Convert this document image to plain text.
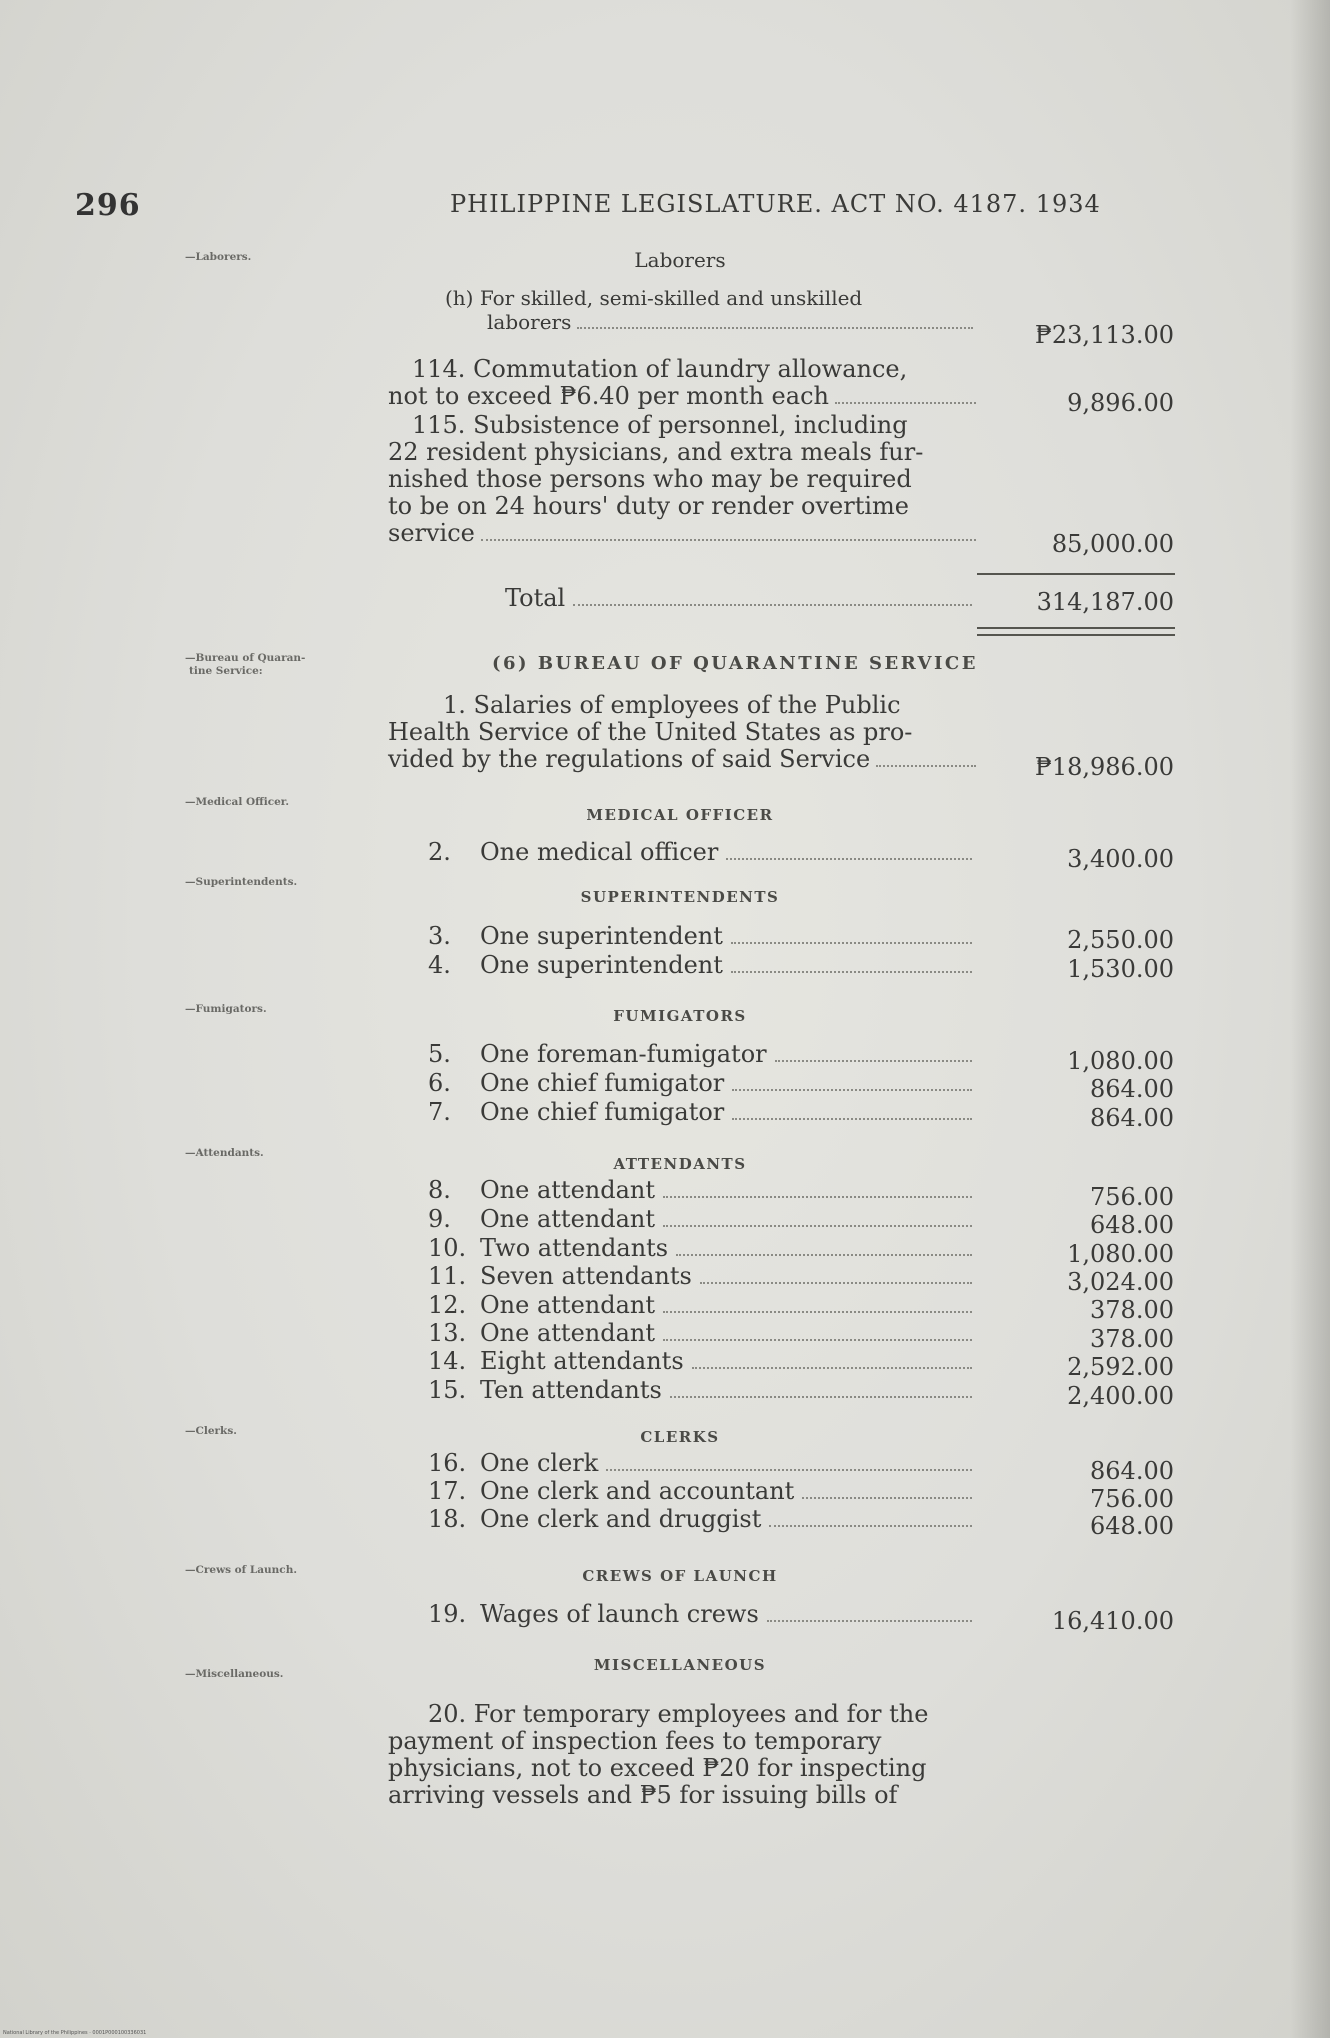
296	PHILIPPINE LEGISLATURE. ACT NO. 4187. 1934
—Laborers.
—Bureau of Quaran-
tine Service:
—Medical Officer.
—Superintendents.
—Fumigators.
—Attendants.
—Clerks.
—Crews of Launch.
—Miscellaneous.
Laborers
(h) For skilled, semi-skilled and unskilled
laborers	₱23,113.00
114. Commutation of laundry allowance,
not to exceed ₱6.40 per month each	9,896.00
115. Subsistence of personnel, including
22 resident physicians, and extra meals fur-
nished those persons who may be required
to be on 24 hours' duty or render overtime
service	85,000.00
Total	314,187.00
(6) BUREAU OF QUARANTINE SERVICE
1. Salaries of employees of the Public
Health Service of the United States as pro-
vided by the regulations of said Service	₱18,986.00
MEDICAL OFFICER
2.	One medical officer	3,400.00
SUPERINTENDENTS
3.	One superintendent	2,550.00
4.	One superintendent	1,530.00
FUMIGATORS
5.	One foreman-fumigator	1,080.00
6.	One chief fumigator	864.00
7.	One chief fumigator	864.00
ATTENDANTS
8.	One attendant	756.00
9.	One attendant	648.00
10. Two attendants	1,080.00
11. Seven attendants	3,024.00
12. One attendant	378.00
13. One attendant	378.00
14. Eight attendants	2,592.00
15. Ten attendants	2,400.00
CLERKS
16. One clerk	864.00
17. One clerk and accountant	756.00
18. One clerk and druggist	648.00
CREWS OF LAUNCH
19. Wages of launch crews	16,410.00
MISCELLANEOUS
20. For temporary employees and for the
payment of inspection fees to temporary
physicians, not to exceed ₱20 for inspecting
arriving vessels and ₱5 for issuing bills of
National Library of the Philippines · 0001P000100336031
